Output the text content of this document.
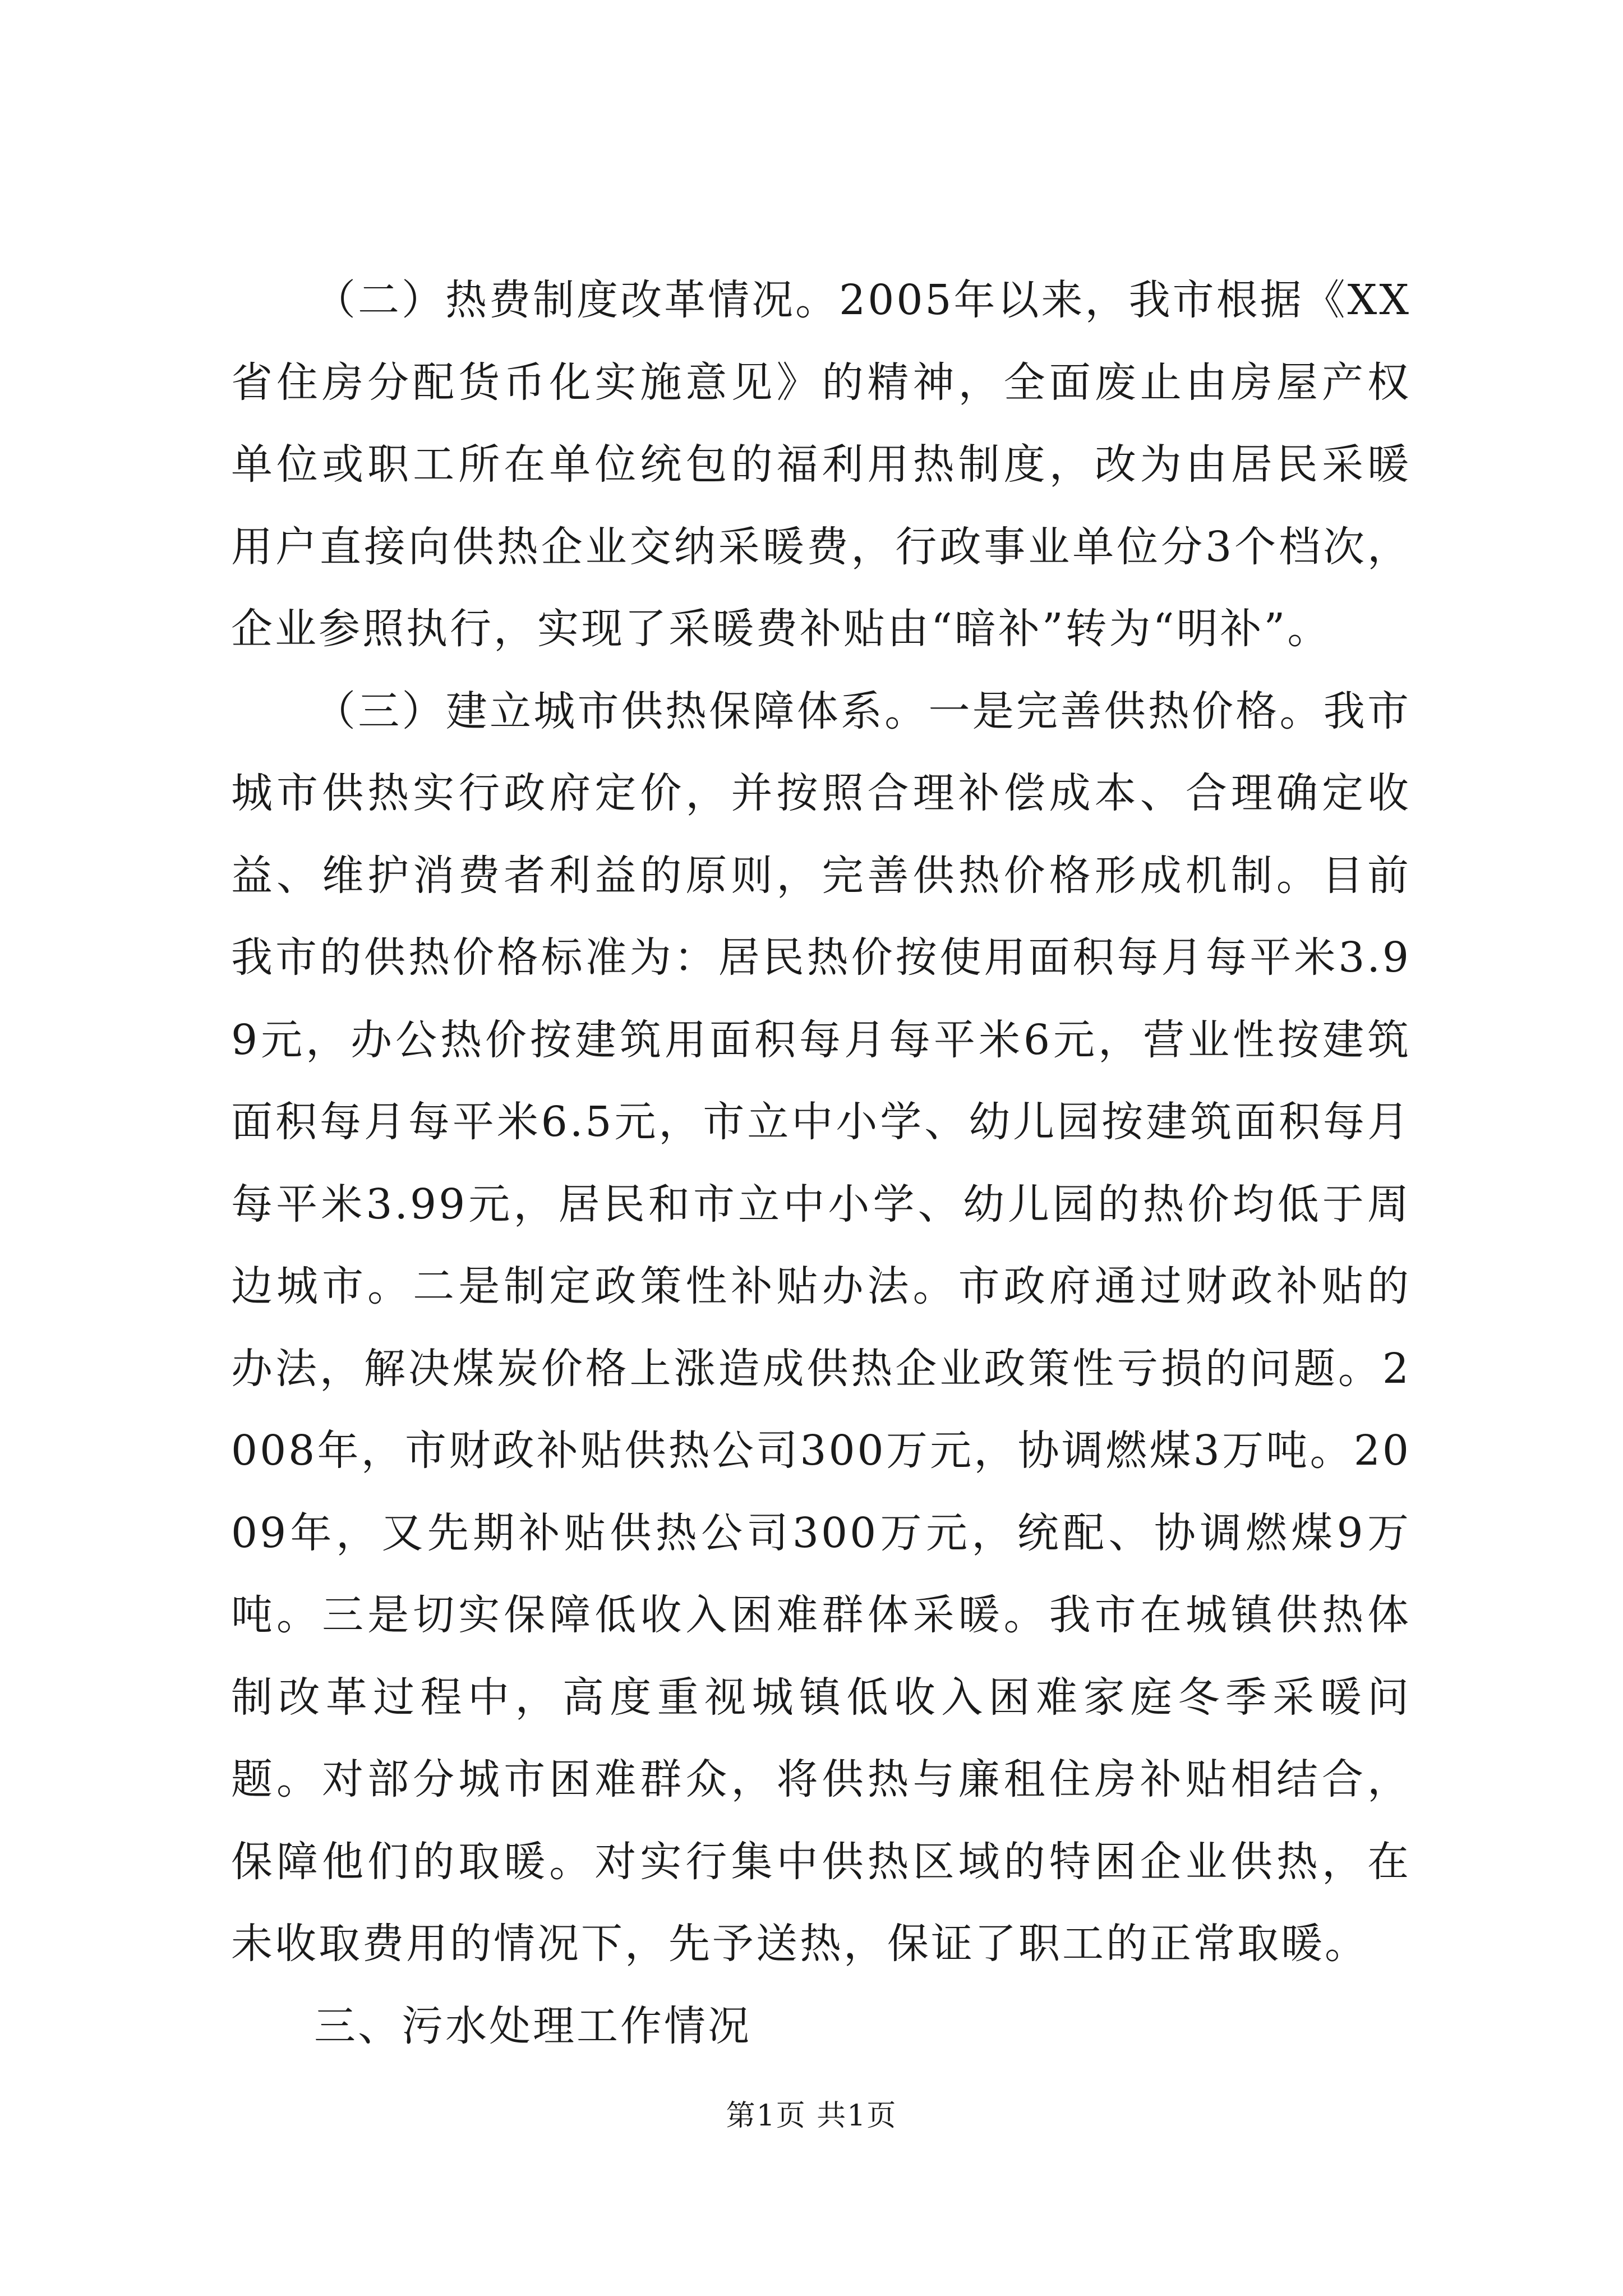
（二）热费制度改革情况。2005年以来，我市根据《XX省住房分配货币化实施意见》的精神，全面废止由房屋产权单位或职工所在单位统包的福利用热制度，改为由居民采暖用户直接向供热企业交纳采暖费，行政事业单位分3个档次，企业参照执行，实现了采暖费补贴由“暗补”转为“明补”。

（三）建立城市供热保障体系。一是完善供热价格。我市城市供热实行政府定价，并按照合理补偿成本、合理确定收益、维护消费者利益的原则，完善供热价格形成机制。目前我市的供热价格标准为：居民热价按使用面积每月每平米3.99元，办公热价按建筑用面积每月每平米6元，营业性按建筑面积每月每平米6.5元，市立中小学、幼儿园按建筑面积每月每平米3.99元，居民和市立中小学、幼儿园的热价均低于周边城市。二是制定政策性补贴办法。市政府通过财政补贴的办法，解决煤炭价格上涨造成供热企业政策性亏损的问题。2008年，市财政补贴供热公司300万元，协调燃煤3万吨。2009年，又先期补贴供热公司300万元，统配、协调燃煤9万吨。三是切实保障低收入困难群体采暖。我市在城镇供热体制改革过程中，高度重视城镇低收入困难家庭冬季采暖问题。对部分城市困难群众，将供热与廉租住房补贴相结合，保障他们的取暖。对实行集中供热区域的特困企业供热，在未收取费用的情况下，先予送热，保证了职工的正常取暖。

三、污水处理工作情况

第1页 共1页
